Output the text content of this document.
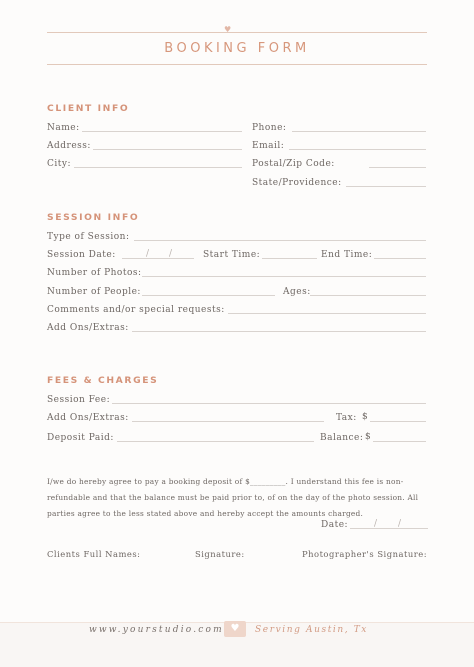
♥
BOOKING FORM
CLIENT INFO
Name:	Phone:
Address:	Email:
City:	Postal/Zip Code:
State/Providence:
SESSION INFO
Type of Session:
Session Date:	/ /	Start Time:	End Time:
Number of Photos:
Number of People:	Ages:
Comments and/or special requests:
Add Ons/Extras:
FEES & CHARGES
Session Fee:
Add Ons/Extras:	Tax: $
Deposit Paid:	Balance: $
I/we do hereby agree to pay a booking deposit of $_________. I understand this fee is non-refundable and that the balance must be paid prior to, of on the day of the photo session. All parties agree to the less stated above and hereby accept the amounts charged.
Date:	/ /
Clients Full Names:	Signature:	Photographer's Signature:
www.yourstudio.com ♥	Serving Austin, Tx
